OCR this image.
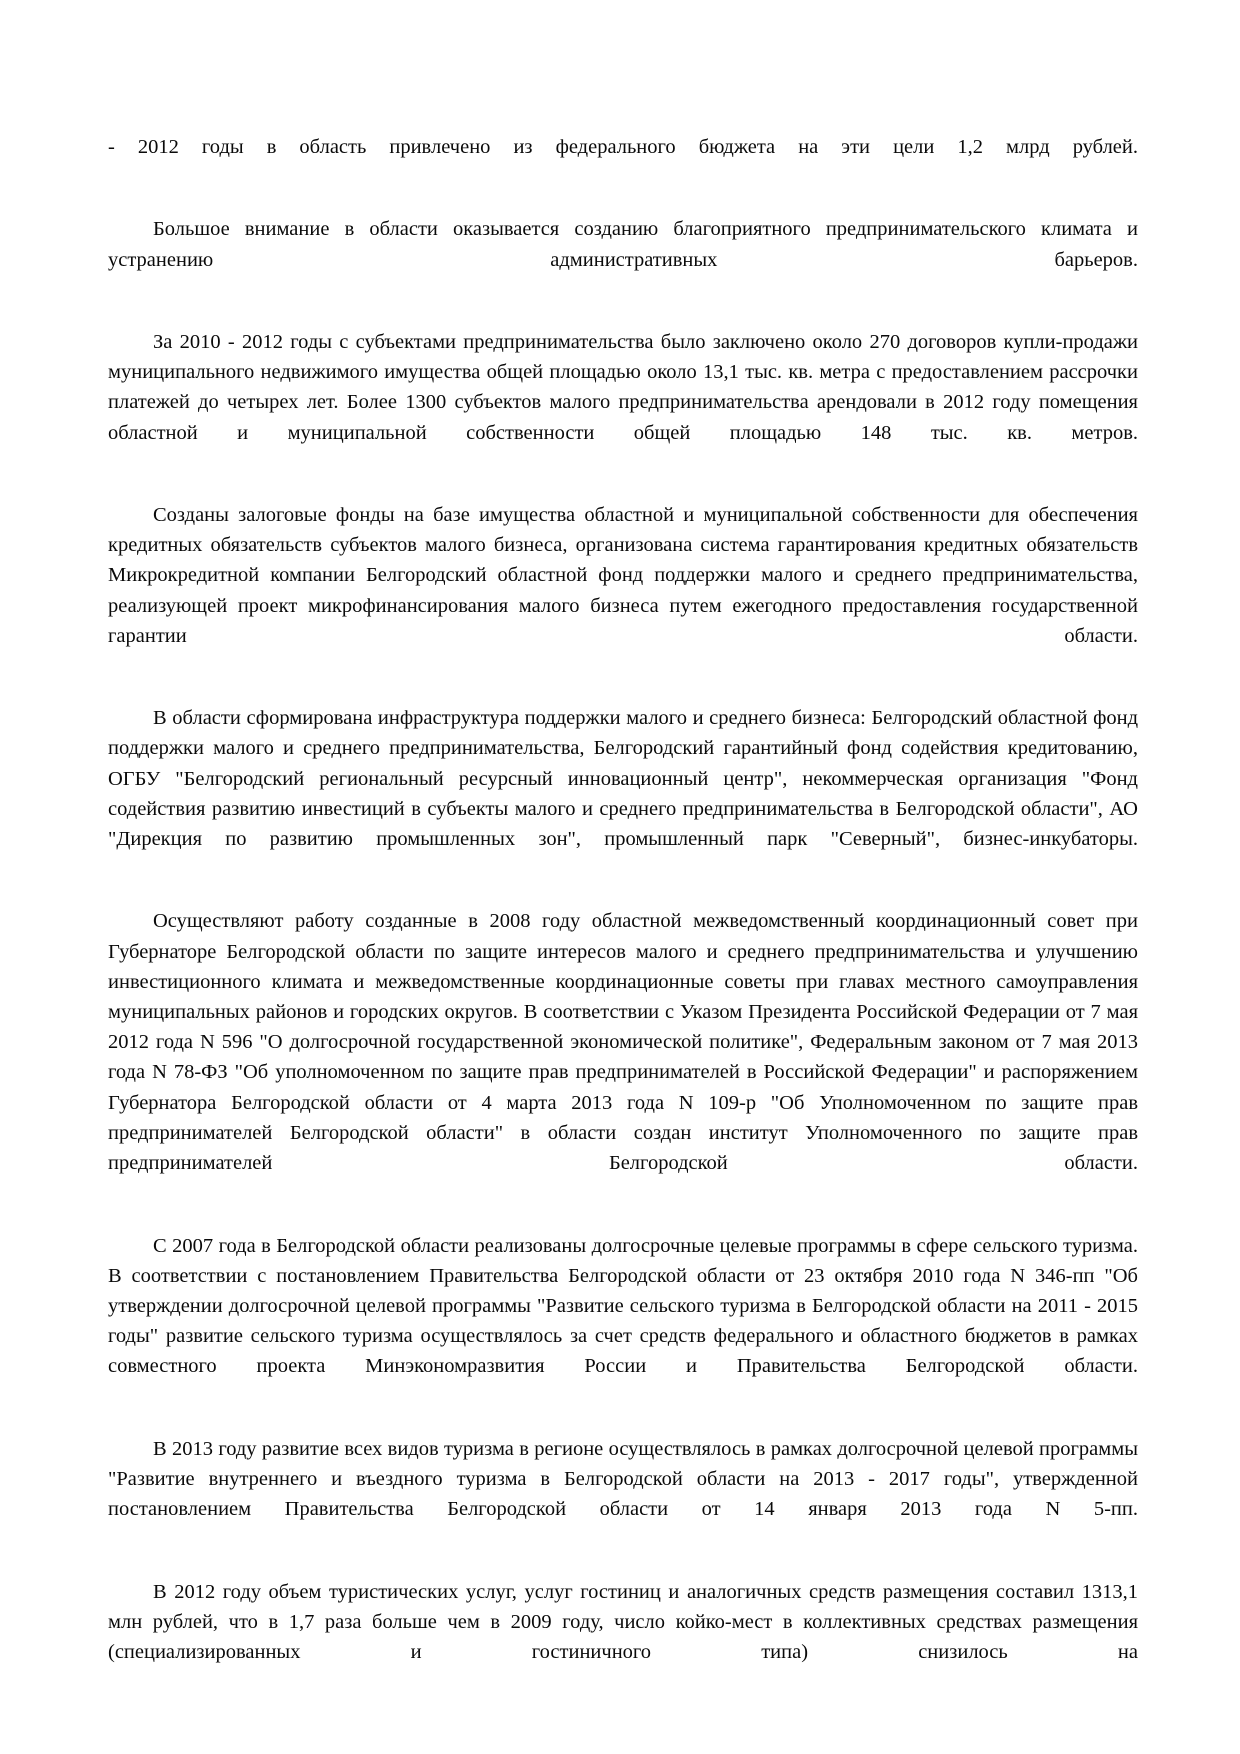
- 2012 годы в область привлечено из федерального бюджета на эти цели 1,2 млрд рублей.

Большое внимание в области оказывается созданию благоприятного предпринимательского климата и устранению административных барьеров.

За 2010 - 2012 годы с субъектами предпринимательства было заключено около 270 договоров купли-продажи муниципального недвижимого имущества общей площадью около 13,1 тыс. кв. метра с предоставлением рассрочки платежей до четырех лет. Более 1300 субъектов малого предпринимательства арендовали в 2012 году помещения областной и муниципальной собственности общей площадью 148 тыс. кв. метров.

Созданы залоговые фонды на базе имущества областной и муниципальной собственности для обеспечения кредитных обязательств субъектов малого бизнеса, организована система гарантирования кредитных обязательств Микрокредитной компании Белгородский областной фонд поддержки малого и среднего предпринимательства, реализующей проект микрофинансирования малого бизнеса путем ежегодного предоставления государственной гарантии области.

В области сформирована инфраструктура поддержки малого и среднего бизнеса: Белгородский областной фонд поддержки малого и среднего предпринимательства, Белгородский гарантийный фонд содействия кредитованию, ОГБУ "Белгородский региональный ресурсный инновационный центр", некоммерческая организация "Фонд содействия развитию инвестиций в субъекты малого и среднего предпринимательства в Белгородской области", АО "Дирекция по развитию промышленных зон", промышленный парк "Северный", бизнес-инкубаторы.

Осуществляют работу созданные в 2008 году областной межведомственный координационный совет при Губернаторе Белгородской области по защите интересов малого и среднего предпринимательства и улучшению инвестиционного климата и межведомственные координационные советы при главах местного самоуправления муниципальных районов и городских округов. В соответствии с Указом Президента Российской Федерации от 7 мая 2012 года N 596 "О долгосрочной государственной экономической политике", Федеральным законом от 7 мая 2013 года N 78-ФЗ "Об уполномоченном по защите прав предпринимателей в Российской Федерации" и распоряжением Губернатора Белгородской области от 4 марта 2013 года N 109-р "Об Уполномоченном по защите прав предпринимателей Белгородской области" в области создан институт Уполномоченного по защите прав предпринимателей Белгородской области.

С 2007 года в Белгородской области реализованы долгосрочные целевые программы в сфере сельского туризма. В соответствии с постановлением Правительства Белгородской области от 23 октября 2010 года N 346-пп "Об утверждении долгосрочной целевой программы "Развитие сельского туризма в Белгородской области на 2011 - 2015 годы" развитие сельского туризма осуществлялось за счет средств федерального и областного бюджетов в рамках совместного проекта Минэкономразвития России и Правительства Белгородской области.

В 2013 году развитие всех видов туризма в регионе осуществлялось в рамках долгосрочной целевой программы "Развитие внутреннего и въездного туризма в Белгородской области на 2013 - 2017 годы", утвержденной постановлением Правительства Белгородской области от 14 января 2013 года N 5-пп.

В 2012 году объем туристических услуг, услуг гостиниц и аналогичных средств размещения составил 1313,1 млн рублей, что в 1,7 раза больше чем в 2009 году, число койко-мест в коллективных средствах размещения (специализированных и гостиничного типа) снизилось на
